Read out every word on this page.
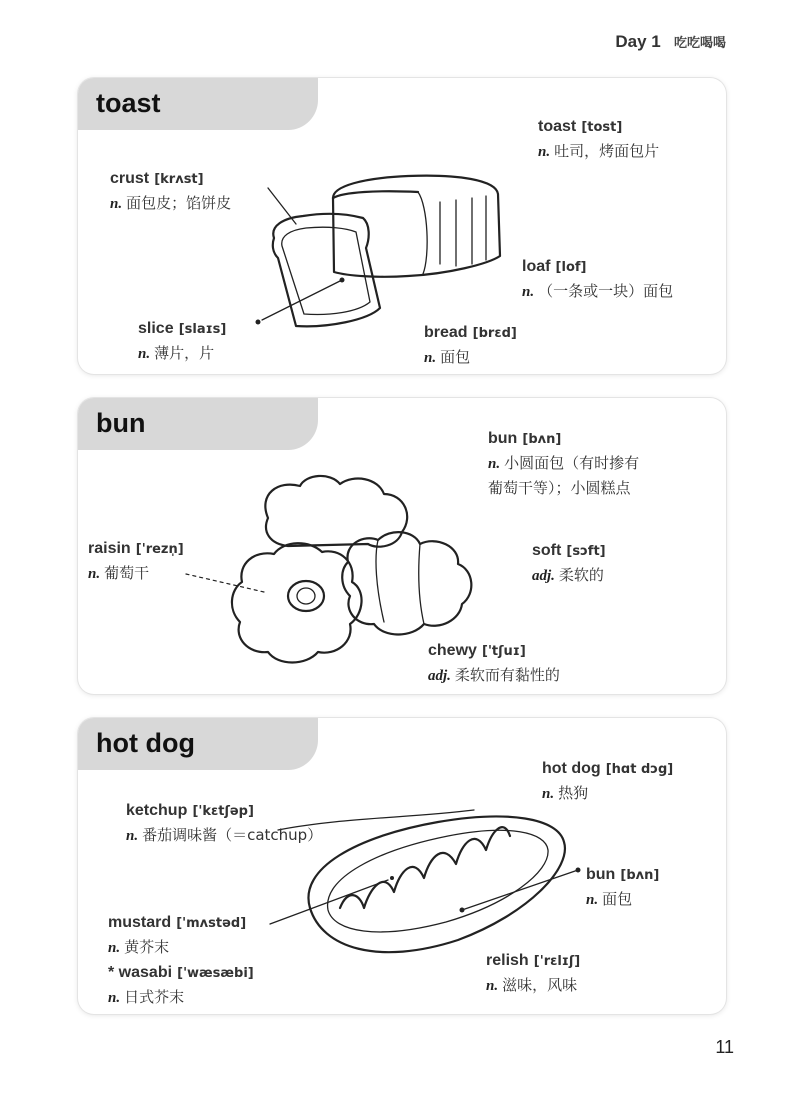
Day 1 吃吃喝喝
toast
toast [tost]
n. 吐司，烤面包片
crust [krʌst]
n. 面包皮；馅饼皮
loaf [lof]
n. （一条或一块）面包
slice [slaɪs]
n. 薄片，片
bread [brɛd]
n. 面包
bun
bun [bʌn]
n. 小圆面包（有时掺有
葡萄干等）；小圆糕点
raisin ['rezn̩]
n. 葡萄干
soft [sɔft]
adj. 柔软的
chewy ['tʃuɪ]
adj. 柔软而有黏性的
hot dog
hot dog [hɑt dɔg]
n. 热狗
ketchup ['kɛtʃəp]
n. 番茄调味酱（＝catchup）
bun [bʌn]
n. 面包
mustard ['mʌstəd]
n. 黄芥末
* wasabi ['wæsæbi]
n. 日式芥末
relish ['rɛlɪʃ]
n. 滋味，风味
11
